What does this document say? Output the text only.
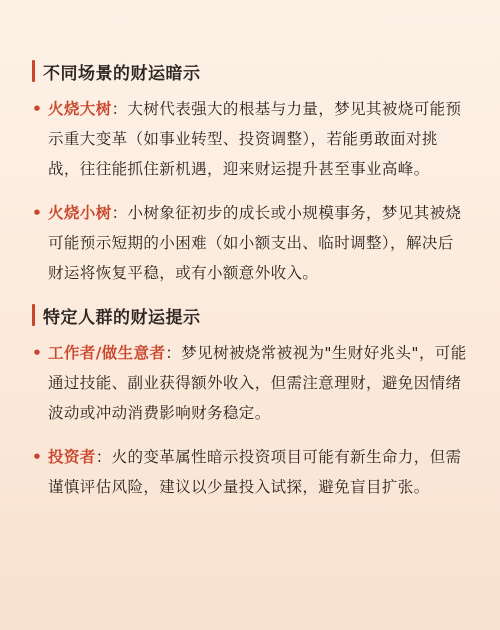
不同场景的财运暗示
• 火烧大树：大树代表强大的根基与力量，梦见其被烧可能预示重大变革（如事业转型、投资调整），若能勇敢面对挑战，往往能抓住新机遇，迎来财运提升甚至事业高峰。
• 火烧小树：小树象征初步的成长或小规模事务，梦见其被烧可能预示短期的小困难（如小额支出、临时调整），解决后财运将恢复平稳，或有小额意外收入。
特定人群的财运提示
• 工作者/做生意者：梦见树被烧常被视为"生财好兆头"，可能通过技能、副业获得额外收入，但需注意理财，避免因情绪波动或冲动消费影响财务稳定。
• 投资者：火的变革属性暗示投资项目可能有新生命力，但需谨慎评估风险，建议以少量投入试探，避免盲目扩张。
